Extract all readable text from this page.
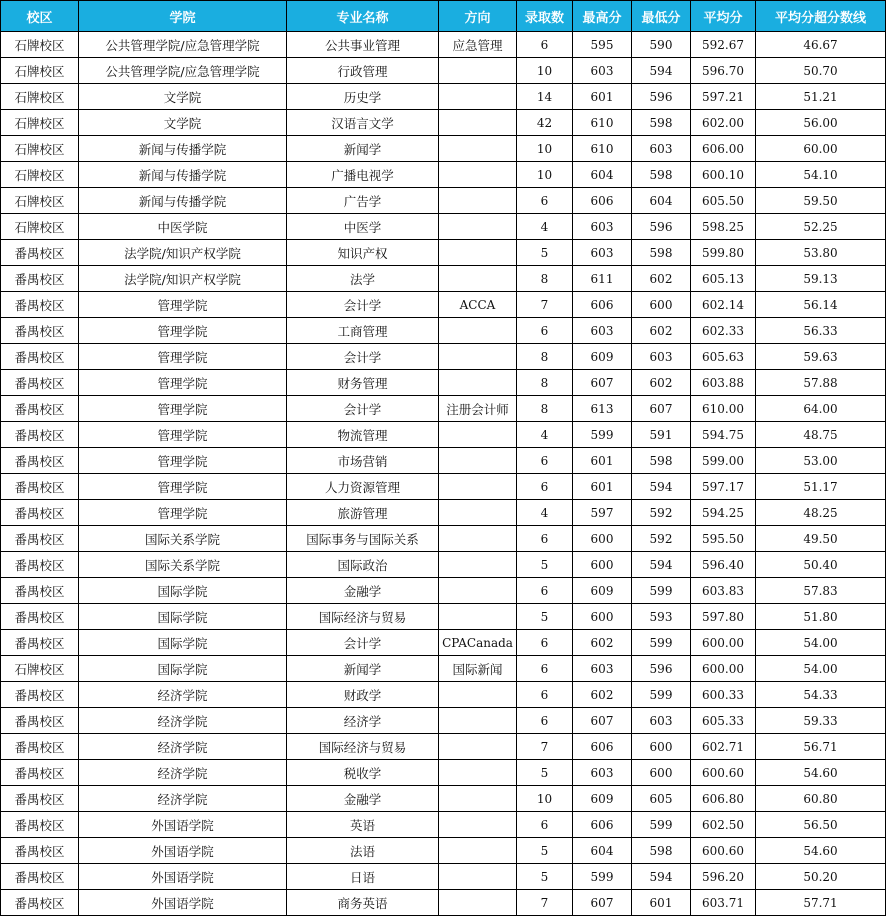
校区	学院	专业名称	方向	录取数	最高分	最低分	平均分	平均分超分数线
石牌校区	公共管理学院/应急管理学院	公共事业管理	应急管理	6	595	590	592.67	46.67
石牌校区	公共管理学院/应急管理学院	行政管理		10	603	594	596.70	50.70
石牌校区	文学院	历史学		14	601	596	597.21	51.21
石牌校区	文学院	汉语言文学		42	610	598	602.00	56.00
石牌校区	新闻与传播学院	新闻学		10	610	603	606.00	60.00
石牌校区	新闻与传播学院	广播电视学		10	604	598	600.10	54.10
石牌校区	新闻与传播学院	广告学		6	606	604	605.50	59.50
石牌校区	中医学院	中医学		4	603	596	598.25	52.25
番禺校区	法学院/知识产权学院	知识产权		5	603	598	599.80	53.80
番禺校区	法学院/知识产权学院	法学		8	611	602	605.13	59.13
番禺校区	管理学院	会计学	ACCA	7	606	600	602.14	56.14
番禺校区	管理学院	工商管理		6	603	602	602.33	56.33
番禺校区	管理学院	会计学		8	609	603	605.63	59.63
番禺校区	管理学院	财务管理		8	607	602	603.88	57.88
番禺校区	管理学院	会计学	注册会计师	8	613	607	610.00	64.00
番禺校区	管理学院	物流管理		4	599	591	594.75	48.75
番禺校区	管理学院	市场营销		6	601	598	599.00	53.00
番禺校区	管理学院	人力资源管理		6	601	594	597.17	51.17
番禺校区	管理学院	旅游管理		4	597	592	594.25	48.25
番禺校区	国际关系学院	国际事务与国际关系		6	600	592	595.50	49.50
番禺校区	国际关系学院	国际政治		5	600	594	596.40	50.40
番禺校区	国际学院	金融学		6	609	599	603.83	57.83
番禺校区	国际学院	国际经济与贸易		5	600	593	597.80	51.80
番禺校区	国际学院	会计学	CPACanada	6	602	599	600.00	54.00
石牌校区	国际学院	新闻学	国际新闻	6	603	596	600.00	54.00
番禺校区	经济学院	财政学		6	602	599	600.33	54.33
番禺校区	经济学院	经济学		6	607	603	605.33	59.33
番禺校区	经济学院	国际经济与贸易		7	606	600	602.71	56.71
番禺校区	经济学院	税收学		5	603	600	600.60	54.60
番禺校区	经济学院	金融学		10	609	605	606.80	60.80
番禺校区	外国语学院	英语		6	606	599	602.50	56.50
番禺校区	外国语学院	法语		5	604	598	600.60	54.60
番禺校区	外国语学院	日语		5	599	594	596.20	50.20
番禺校区	外国语学院	商务英语		7	607	601	603.71	57.71
